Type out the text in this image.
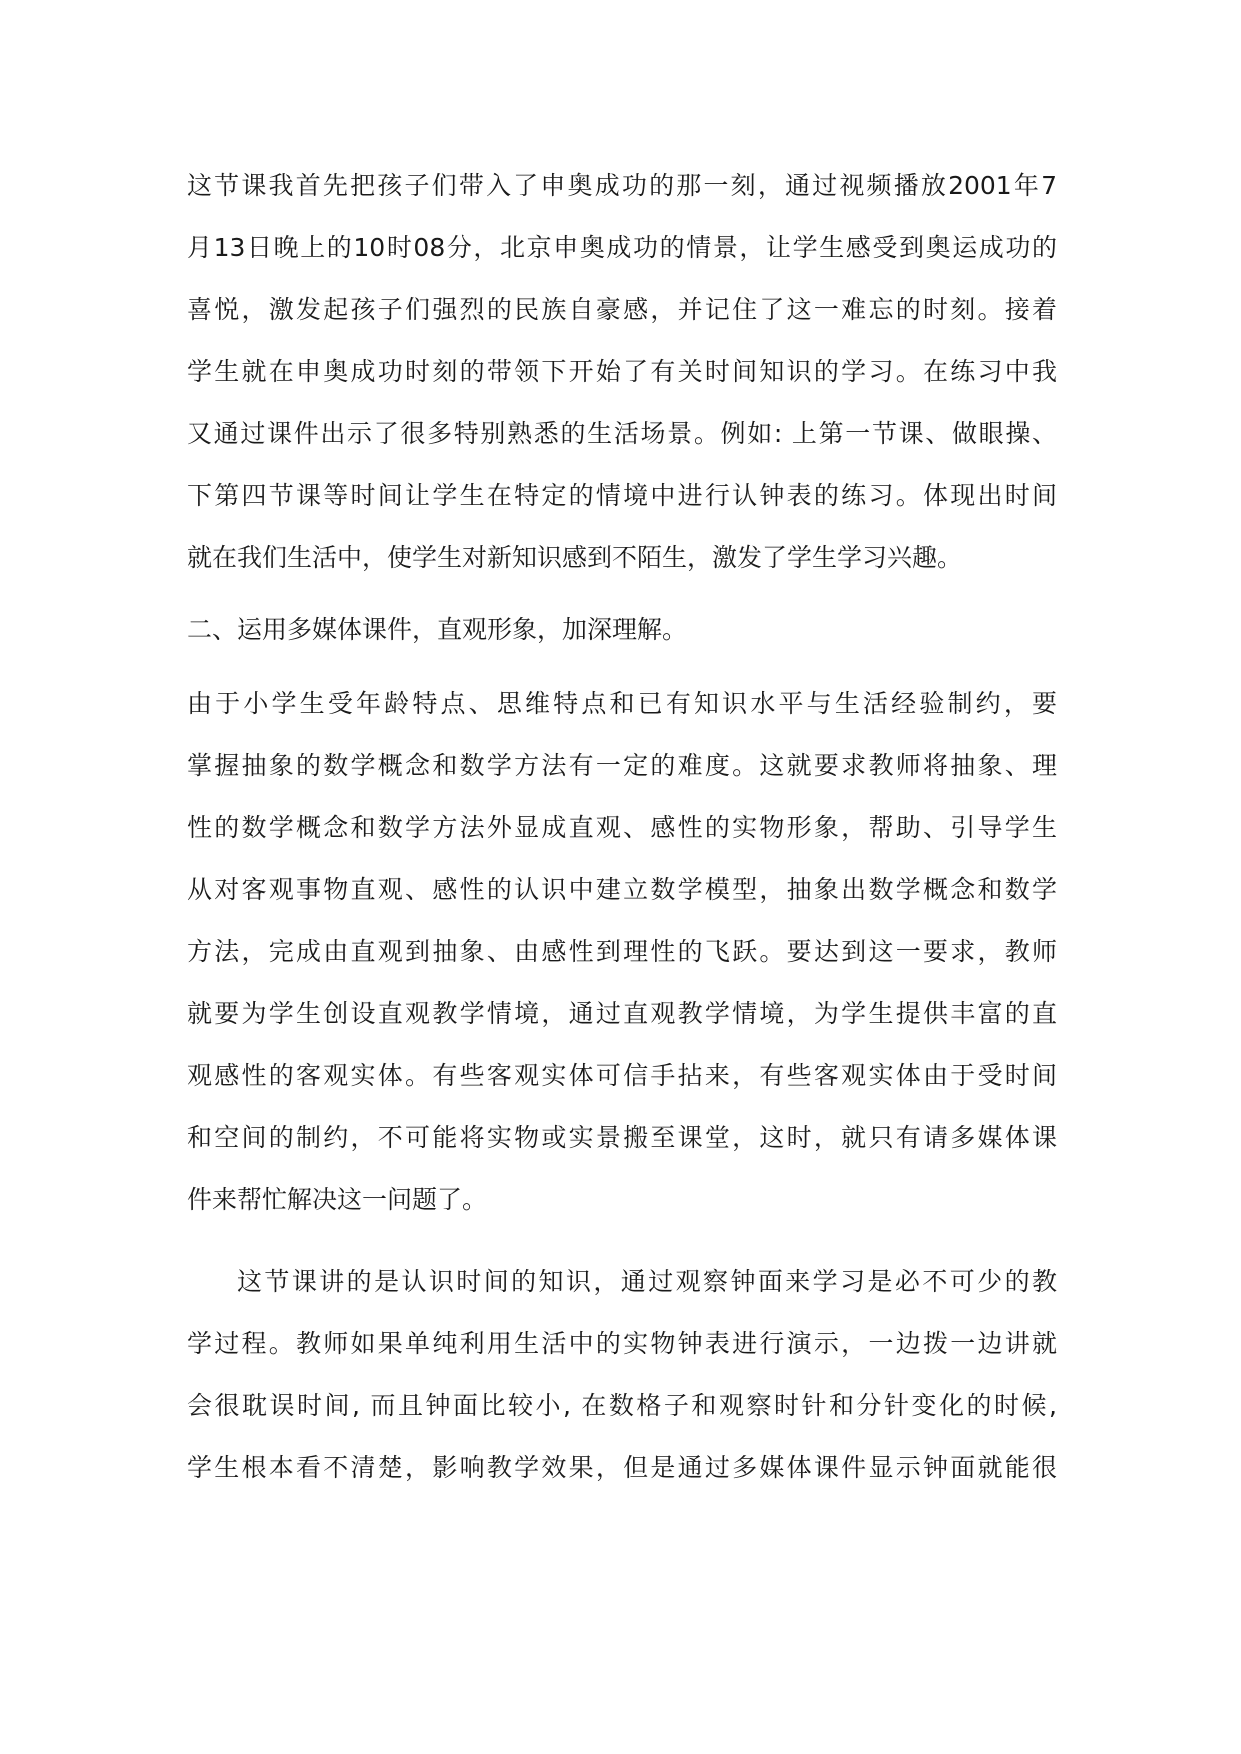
这节课我首先把孩子们带入了申奥成功的那一刻，通过视频播放2001年7
月13日晚上的10时08分，北京申奥成功的情景，让学生感受到奥运成功的
喜悦，激发起孩子们强烈的民族自豪感，并记住了这一难忘的时刻。接着
学生就在申奥成功时刻的带领下开始了有关时间知识的学习。在练习中我
又通过课件出示了很多特别熟悉的生活场景。例如: 上第一节课、做眼操、
下第四节课等时间让学生在特定的情境中进行认钟表的练习。体现出时间
就在我们生活中，使学生对新知识感到不陌生，激发了学生学习兴趣。
二、运用多媒体课件，直观形象，加深理解。
由于小学生受年龄特点、思维特点和已有知识水平与生活经验制约，要
掌握抽象的数学概念和数学方法有一定的难度。这就要求教师将抽象、理
性的数学概念和数学方法外显成直观、感性的实物形象，帮助、引导学生
从对客观事物直观、感性的认识中建立数学模型，抽象出数学概念和数学
方法，完成由直观到抽象、由感性到理性的飞跃。要达到这一要求，教师
就要为学生创设直观教学情境，通过直观教学情境，为学生提供丰富的直
观感性的客观实体。有些客观实体可信手拈来，有些客观实体由于受时间
和空间的制约，不可能将实物或实景搬至课堂，这时，就只有请多媒体课
件来帮忙解决这一问题了。
这节课讲的是认识时间的知识，通过观察钟面来学习是必不可少的教
学过程。教师如果单纯利用生活中的实物钟表进行演示，一边拨一边讲就
会很耽误时间, 而且钟面比较小, 在数格子和观察时针和分针变化的时候,
学生根本看不清楚，影响教学效果，但是通过多媒体课件显示钟面就能很
